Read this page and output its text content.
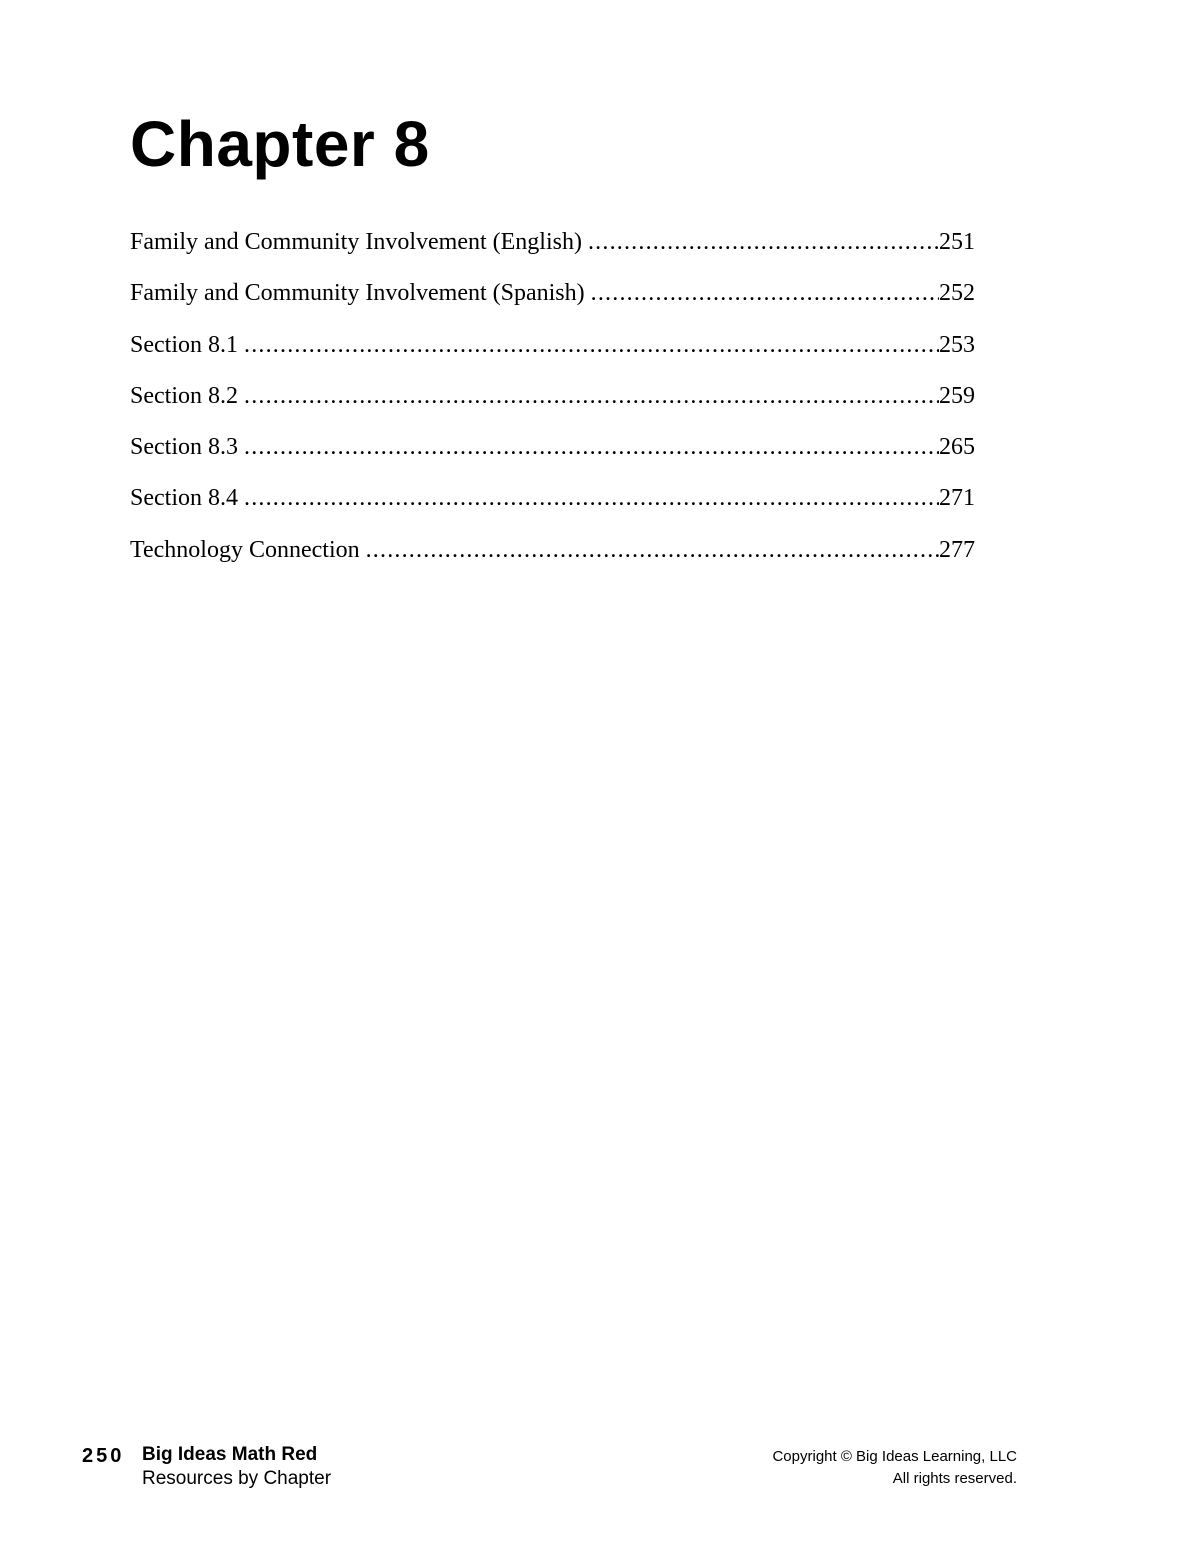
Chapter 8
Family and Community Involvement (English) .....	251
Family and Community Involvement (Spanish) .....	252
Section 8.1 .....	253
Section 8.2 .....	259
Section 8.3 .....	265
Section 8.4 .....	271
Technology Connection .....	277
250 Big Ideas Math Red
Resources by Chapter
Copyright © Big Ideas Learning, LLC
All rights reserved.
